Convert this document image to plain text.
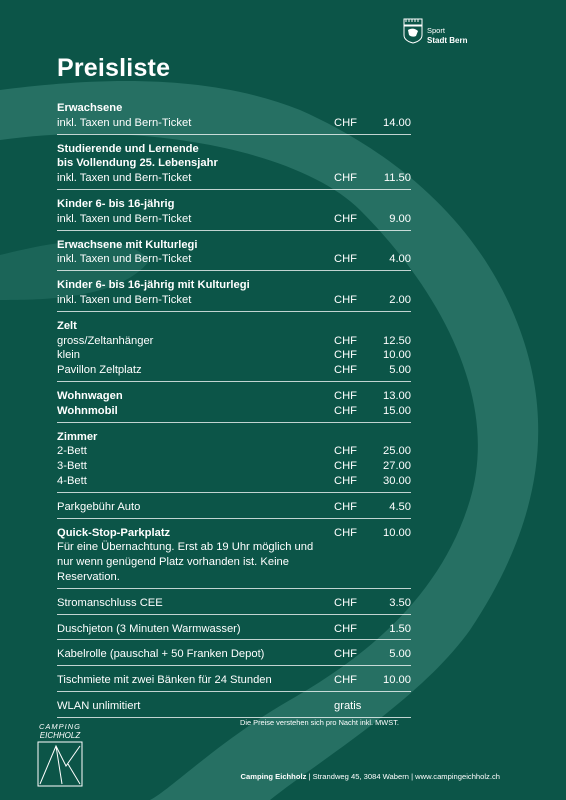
Sport
Stadt Bern
Preisliste
Erwachsene
inkl. Taxen und Bern-Ticket	CHF	14.00
Studierende und Lernende
bis Vollendung 25. Lebensjahr
inkl. Taxen und Bern-Ticket	CHF	11.50
Kinder 6- bis 16-jährig
inkl. Taxen und Bern-Ticket	CHF	9.00
Erwachsene mit Kulturlegi
inkl. Taxen und Bern-Ticket	CHF	4.00
Kinder 6- bis 16-jährig mit Kulturlegi
inkl. Taxen und Bern-Ticket	CHF	2.00
Zelt
gross/Zeltanhänger	CHF	12.50
klein	CHF	10.00
Pavillon Zeltplatz	CHF	5.00
Wohnwagen	CHF	13.00
Wohnmobil	CHF	15.00
Zimmer
2-Bett	CHF	25.00
3-Bett	CHF	27.00
4-Bett	CHF	30.00
Parkgebühr Auto	CHF	4.50
Quick-Stop-Parkplatz	CHF	10.00
Für eine Übernachtung. Erst ab 19 Uhr möglich und nur wenn genügend Platz vorhanden ist. Keine Reservation.
Stromanschluss CEE	CHF	3.50
Duschjeton (3 Minuten Warmwasser)	CHF	1.50
Kabelrolle (pauschal + 50 Franken Depot)	CHF	5.00
Tischmiete mit zwei Bänken für 24 Stunden	CHF	10.00
WLAN unlimitiert	gratis
Die Preise verstehen sich pro Nacht inkl. MWST.
Camping Eichholz | Strandweg 45, 3084 Wabern | www.campingeichholz.ch
CAMPING
EICHHOLZ
